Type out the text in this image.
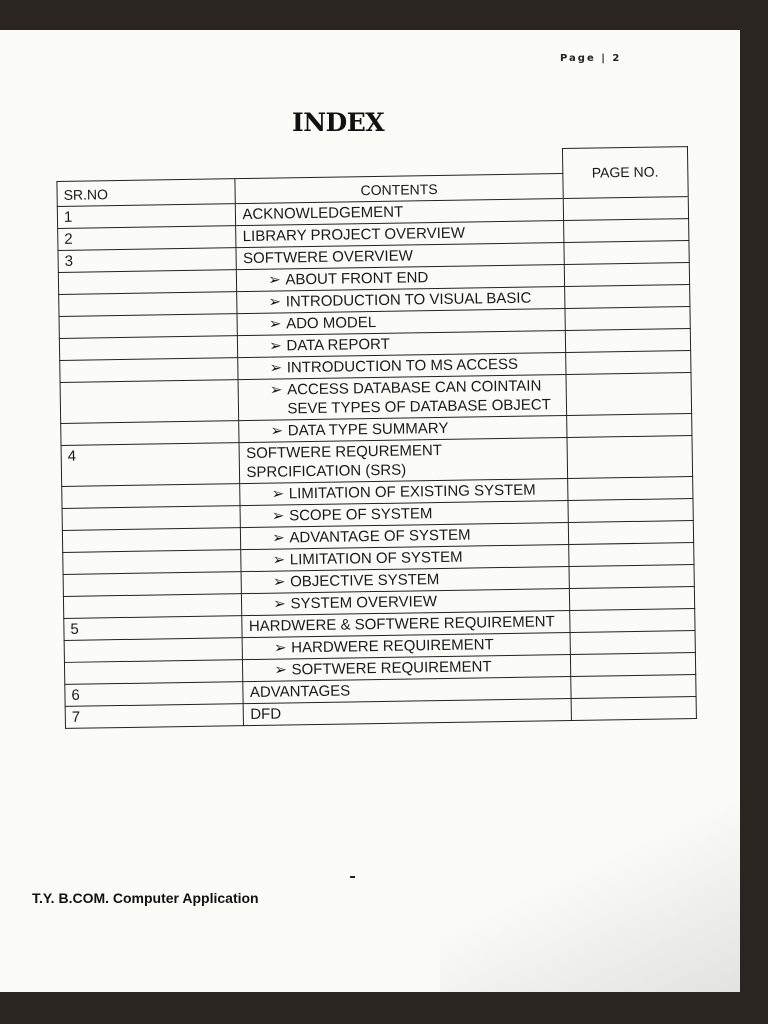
Page | 2
INDEX
		PAGE NO.
SR.NO	CONTENTS	
1	ACKNOWLEDGEMENT	
2	LIBRARY PROJECT OVERVIEW	
3	SOFTWERE OVERVIEW	

	➢ ABOUT FRONT END	

	➢ INTRODUCTION TO VISUAL BASIC	

	➢ ADO MODEL	

	➢ DATA REPORT	

	➢ INTRODUCTION TO MS ACCESS	

	➢ ACCESS DATABASE CAN COINTAIN SEVE TYPES OF DATABASE OBJECT	

	➢ DATA TYPE SUMMARY	

4	SOFTWERE REQUREMENT SPRCIFICATION (SRS)	

	➢ LIMITATION OF EXISTING SYSTEM	

	➢ SCOPE OF SYSTEM	

	➢ ADVANTAGE OF SYSTEM	

	➢ LIMITATION OF SYSTEM	

	➢ OBJECTIVE SYSTEM	

	➢ SYSTEM OVERVIEW	

5	HARDWERE & SOFTWERE REQUIREMENT	

	➢ HARDWERE REQUIREMENT	

	➢ SOFTWERE REQUIREMENT	

6	ADVANTAGES	
7	DFD	
T.Y. B.COM. Computer Application
